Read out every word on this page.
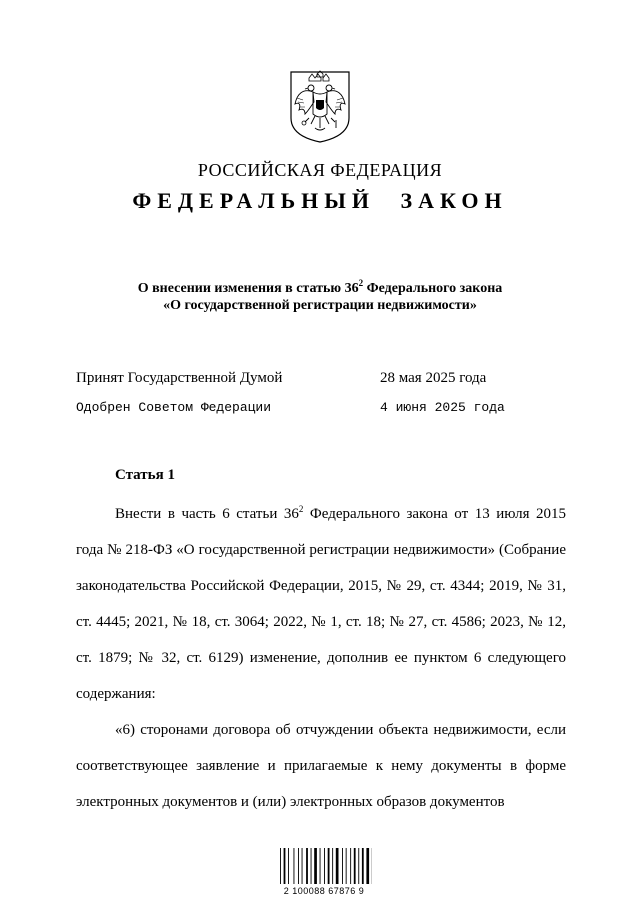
РОССИЙСКАЯ ФЕДЕРАЦИЯ
ФЕДЕРАЛЬНЫЙ ЗАКОН
О внесении изменения в статью $36^2$ Федерального закона
«О государственной регистрации недвижимости»
Принят Государственной Думой	28 мая 2025 года
Одобрен Советом Федерации	4 июня 2025 года
Статья 1

Внести в часть 6 статьи $36^2$ Федерального закона от 13 июля 2015 года № 218-ФЗ «О государственной регистрации недвижимости» (Собрание законодательства Российской Федерации, 2015, № 29, ст. 4344; 2019, № 31, ст. 4445; 2021, № 18, ст. 3064; 2022, № 1, ст. 18; № 27, ст. 4586; 2023, № 12, ст. 1879; № 32, ст. 6129) изменение, дополнив ее пунктом 6 следующего содержания:

«6) сторонами договора об отчуждении объекта недвижимости, если соответствующее заявление и прилагаемые к нему документы в форме электронных документов и (или) электронных образов документов

2 100088 67876 9
